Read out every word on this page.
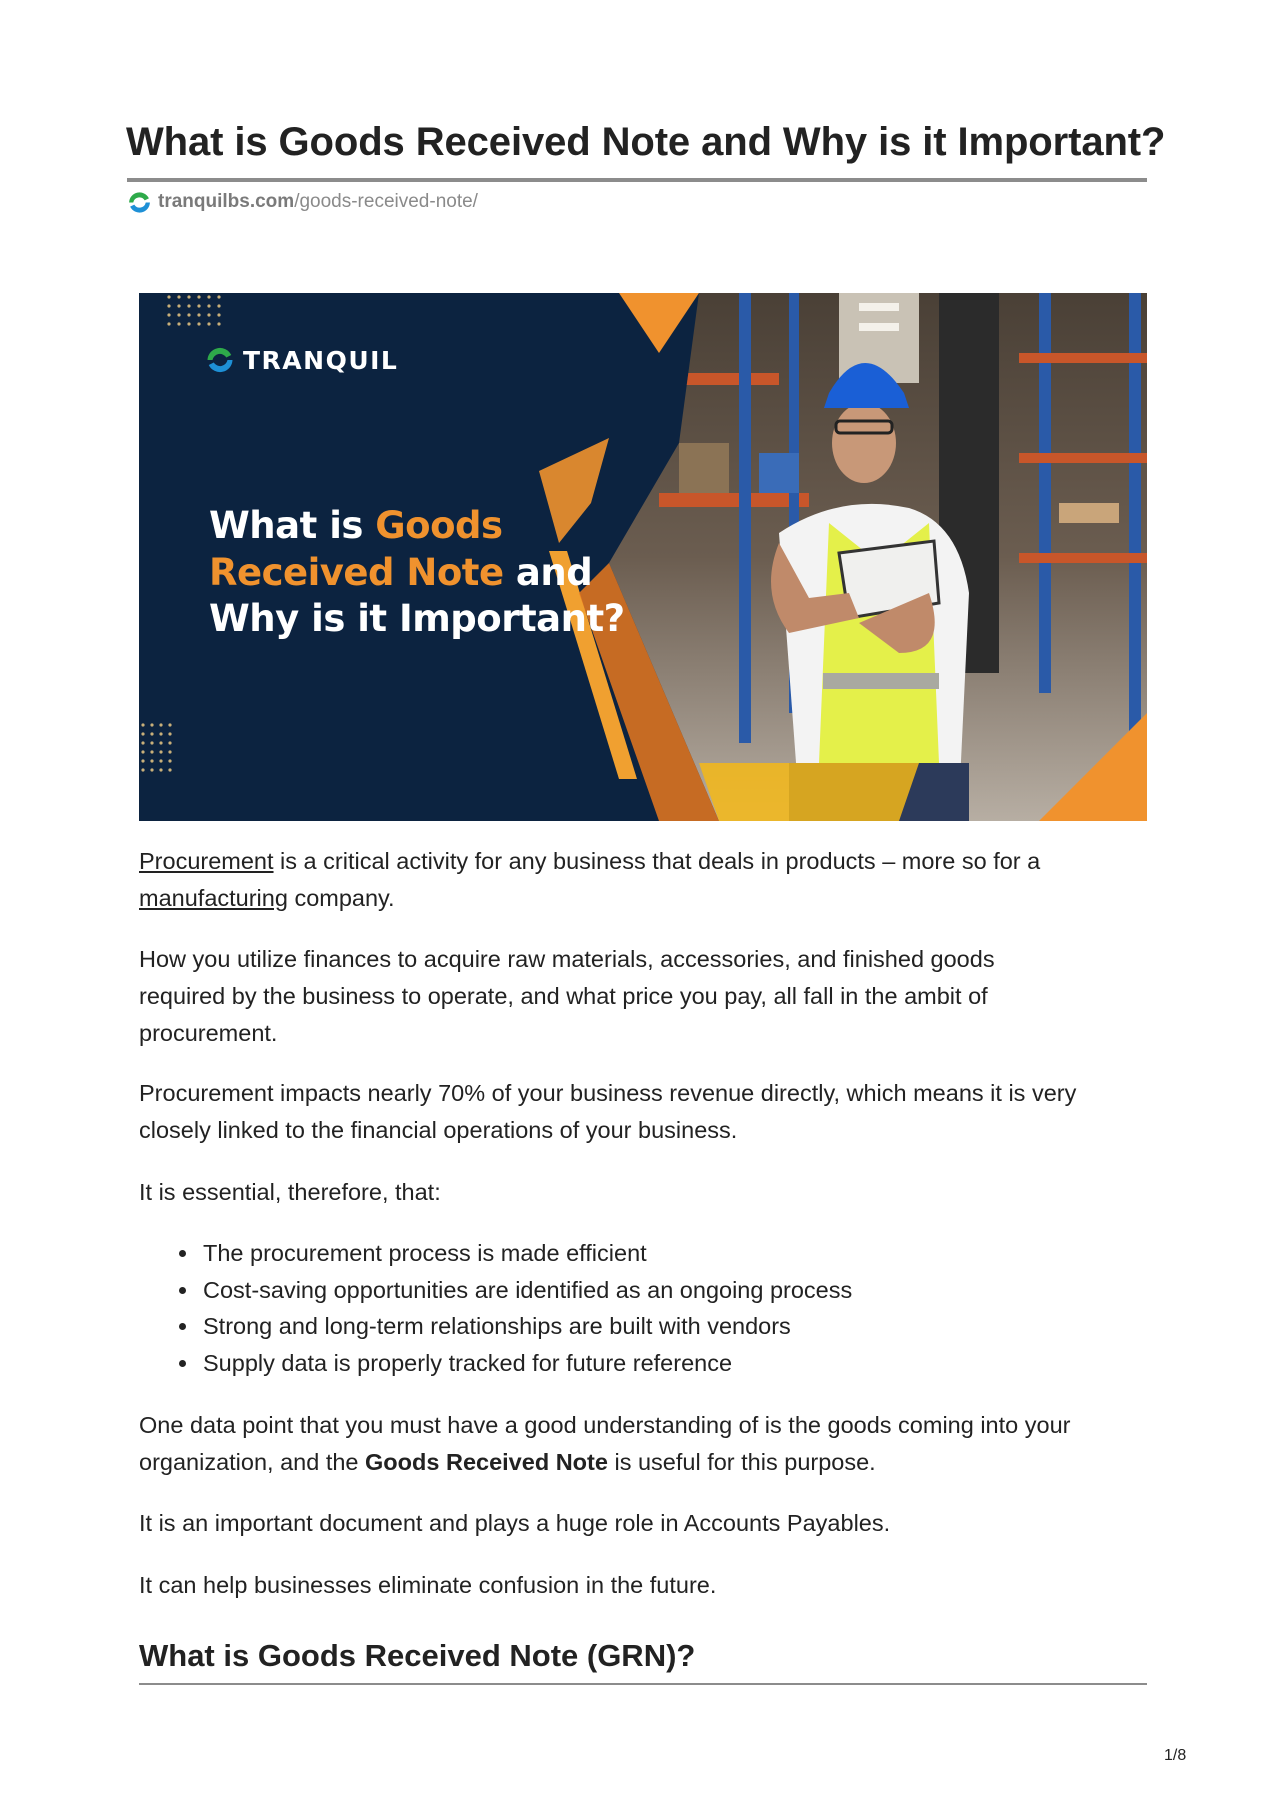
What is Goods Received Note and Why is it Important?
tranquilbs.com /goods-received-note/
TRANQUIL
What is Goods
Received Note and
Why is it Important?

Procurement is a critical activity for any business that deals in products – more so for a manufacturing company.

How you utilize finances to acquire raw materials, accessories, and finished goods required by the business to operate, and what price you pay, all fall in the ambit of procurement.

Procurement impacts nearly 70% of your business revenue directly, which means it is very closely linked to the financial operations of your business.

It is essential, therefore, that:

The procurement process is made efficient
Cost-saving opportunities are identified as an ongoing process
Strong and long-term relationships are built with vendors
Supply data is properly tracked for future reference

One data point that you must have a good understanding of is the goods coming into your organization, and the Goods Received Note is useful for this purpose.

It is an important document and plays a huge role in Accounts Payables.

It can help businesses eliminate confusion in the future.

What is Goods Received Note (GRN)?
1/8
